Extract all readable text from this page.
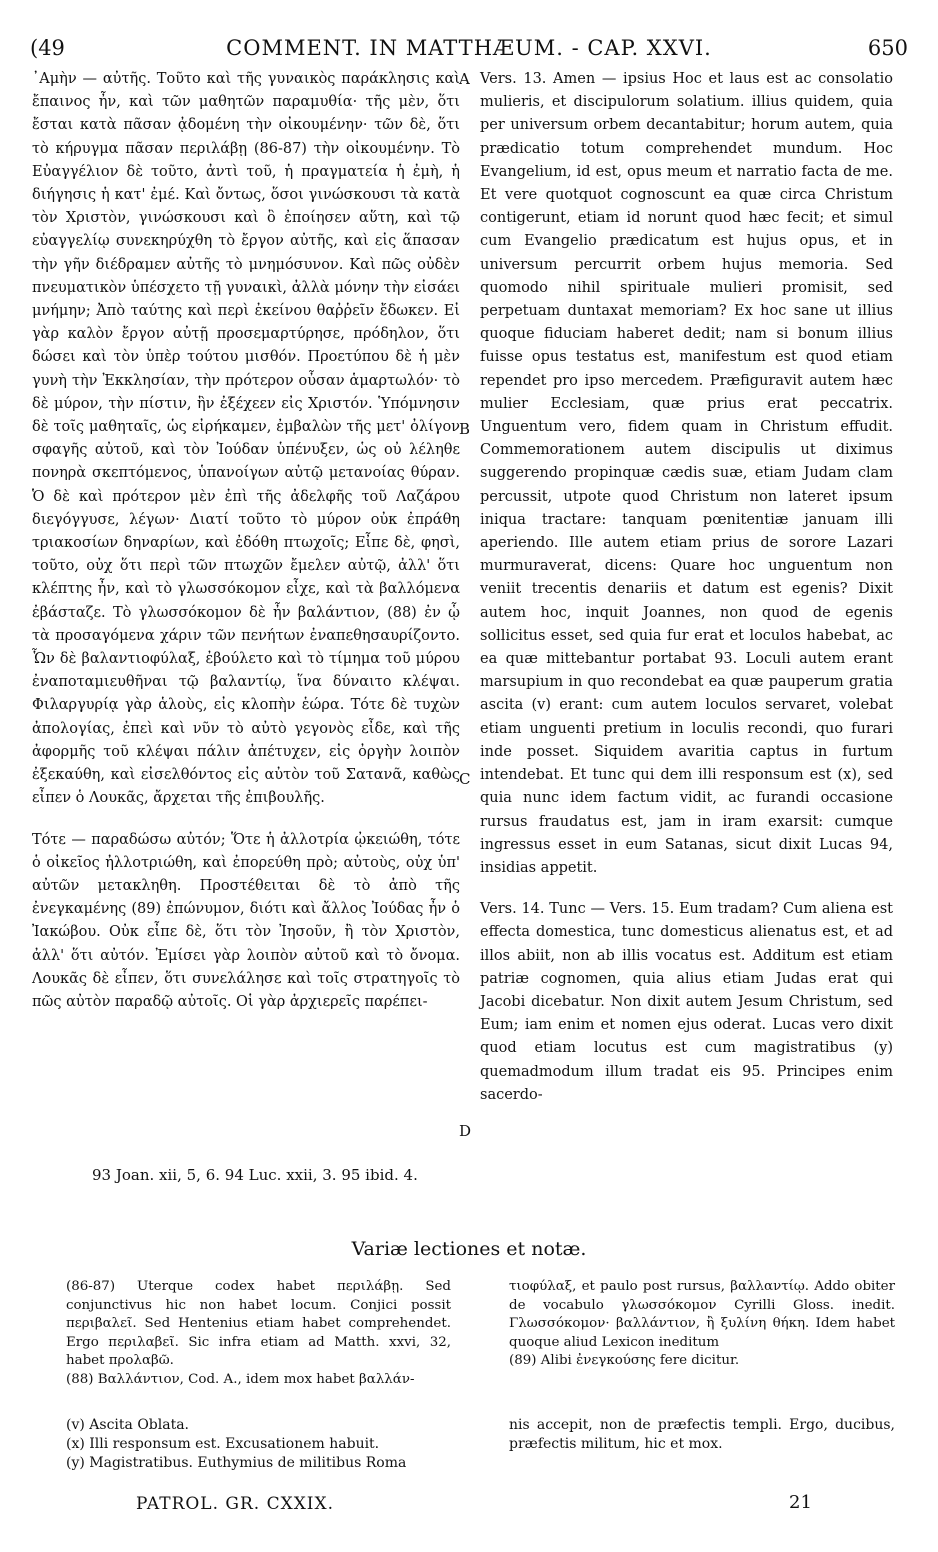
(49	COMMENT. IN MATTHÆUM. - CAP. XXVI.	650

᾿Αμὴν — αὐτῆς. Τοῦτο καὶ τῆς γυναικὸς παράκλησις καὶ ἔπαινος ἦν, καὶ τῶν μαθητῶν παραμυθία· τῆς μὲν, ὅτι ἔσται κατὰ πᾶσαν ᾀδομένη τὴν οἰκουμένην· τῶν δὲ, ὅτι τὸ κήρυγμα πᾶσαν περιλάβῃ (86-87) τὴν οἰκουμένην. Τὸ Εὐαγγέλιον δὲ τοῦτο, ἀντὶ τοῦ, ἡ πραγματεία ἡ ἐμὴ, ἡ διήγησις ἡ κατ' ἐμέ. Καὶ ὄντως, ὅσοι γινώσκουσι τὰ κατὰ τὸν Χριστὸν, γινώσκουσι καὶ ὃ ἐποίησεν αὕτη, καὶ τῷ εὐαγγελίῳ συνεκηρύχθη τὸ ἔργον αὐτῆς, καὶ εἰς ἅπασαν τὴν γῆν διέδραμεν αὐτῆς τὸ μνημόσυνον. Καὶ πῶς οὐδὲν πνευματικὸν ὑπέσχετο τῇ γυναικὶ, ἀλλὰ μόνην τὴν εἰσάει μνήμην; Ἀπὸ ταύτης καὶ περὶ ἐκείνου θαῤῥεῖν ἔδωκεν. Εἰ γὰρ καλὸν ἔργον αὐτῇ προσεμαρτύρησε, πρόδηλον, ὅτι δώσει καὶ τὸν ὑπὲρ τούτου μισθόν. Προετύπου δὲ ἡ μὲν γυνὴ τὴν Ἐκκλησίαν, τὴν πρότερον οὖσαν ἁμαρτωλόν· τὸ δὲ μύρον, τὴν πίστιν, ἣν ἐξέχεεν εἰς Χριστόν. Ὑπόμνησιν δὲ τοῖς μαθηταῖς, ὡς εἰρήκαμεν, ἐμβαλὼν τῆς μετ' ὀλίγον σφαγῆς αὐτοῦ, καὶ τὸν Ἰούδαν ὑπένυξεν, ὡς οὐ λέληθε πονηρὰ σκεπτόμενος, ὑπανοίγων αὐτῷ μετανοίας θύραν. Ὁ δὲ καὶ πρότερον μὲν ἐπὶ τῆς ἀδελφῆς τοῦ Λαζάρου διεγόγγυσε, λέγων· Διατί τοῦτο τὸ μύρον οὐκ ἐπράθη τριακοσίων δηναρίων, καὶ ἐδόθη πτωχοῖς; Εἶπε δὲ, φησὶ, τοῦτο, οὐχ ὅτι περὶ τῶν πτωχῶν ἔμελεν αὐτῷ, ἀλλ' ὅτι κλέπτης ἦν, καὶ τὸ γλωσσόκομον εἶχε, καὶ τὰ βαλλόμενα ἐβάσταζε. Τὸ γλωσσόκομον δὲ ἦν βαλάντιον, (88) ἐν ᾧ τὰ προσαγόμενα χάριν τῶν πενήτων ἐναπεθησαυρίζοντο. Ὧν δὲ βαλαντιοφύλαξ, ἐβούλετο καὶ τὸ τίμημα τοῦ μύρου ἐναποταμιευθῆναι τῷ βαλαντίῳ, ἵνα δύναιτο κλέψαι. Φιλαργυρίᾳ γὰρ ἁλοὺς, εἰς κλοπὴν ἑώρα. Τότε δὲ τυχὼν ἀπολογίας, ἐπεὶ καὶ νῦν τὸ αὐτὸ γεγονὸς εἶδε, καὶ τῆς ἀφορμῆς τοῦ κλέψαι πάλιν ἀπέτυχεν, εἰς ὀργὴν λοιπὸν ἐξεκαύθη, καὶ εἰσελθόντος εἰς αὐτὸν τοῦ Σατανᾶ, καθὼς εἶπεν ὁ Λουκᾶς, ἄρχεται τῆς ἐπιβουλῆς.

Τότε — παραδώσω αὐτόν; Ὅτε ἡ ἀλλοτρία ᾠκειώθη, τότε ὁ οἰκεῖος ἠλλοτριώθη, καὶ ἐπορεύθη πρὸ; αὐτοὺς, οὐχ ὑπ' αὐτῶν μετακληθη. Προστέθειται δὲ τὸ ἀπὸ τῆς ἐνεγκαμένης (89) ἐπώνυμον, διότι καὶ ἄλλος Ἰούδας ἦν ὁ Ἰακώβου. Οὐκ εἶπε δὲ, ὅτι τὸν Ἰησοῦν, ἢ τὸν Χριστὸν, ἀλλ' ὅτι αὐτόν. Ἐμίσει γὰρ λοιπὸν αὐτοῦ καὶ τὸ ὄνομα. Λουκᾶς δὲ εἶπεν, ὅτι συνελάλησε καὶ τοῖς στρατηγοῖς τὸ πῶς αὐτὸν παραδῷ αὐτοῖς. Οἱ γὰρ ἀρχιερεῖς παρέπει-

A
B
C
D

Vers. 13. Amen — ipsius Hoc et laus est ac consolatio mulieris, et discipulorum solatium. illius quidem, quia per universum orbem decantabitur; horum autem, quia prædicatio totum comprehendet mundum. Hoc Evangelium, id est, opus meum et narratio facta de me. Et vere quotquot cognoscunt ea quæ circa Christum contigerunt, etiam id norunt quod hæc fecit; et simul cum Evangelio prædicatum est hujus opus, et in universum percurrit orbem hujus memoria. Sed quomodo nihil spirituale mulieri promisit, sed perpetuam duntaxat memoriam? Ex hoc sane ut illius quoque fiduciam haberet dedit; nam si bonum illius fuisse opus testatus est, manifestum est quod etiam rependet pro ipso mercedem. Præfiguravit autem hæc mulier Ecclesiam, quæ prius erat peccatrix. Unguentum vero, fidem quam in Christum effudit. Commemorationem autem discipulis ut diximus suggerendo propinquæ cædis suæ, etiam Judam clam percussit, utpote quod Christum non lateret ipsum iniqua tractare: tanquam pœnitentiæ januam illi aperiendo. Ille autem etiam prius de sorore Lazari murmuraverat, dicens: Quare hoc unguentum non veniit trecentis denariis et datum est egenis? Dixit autem hoc, inquit Joannes, non quod de egenis sollicitus esset, sed quia fur erat et loculos habebat, ac ea quæ mittebantur portabat 93. Loculi autem erant marsupium in quo recondebat ea quæ pauperum gratia ascita (v) erant: cum autem loculos servaret, volebat etiam unguenti pretium in loculis recondi, quo furari inde posset. Siquidem avaritia captus in furtum intendebat. Et tunc qui dem illi responsum est (x), sed quia nunc idem factum vidit, ac furandi occasione rursus fraudatus est, jam in iram exarsit: cumque ingressus esset in eum Satanas, sicut dixit Lucas 94, insidias appetit.

Vers. 14. Tunc — Vers. 15. Eum tradam? Cum aliena est effecta domestica, tunc domesticus alienatus est, et ad illos abiit, non ab illis vocatus est. Additum est etiam patriæ cognomen, quia alius etiam Judas erat qui Jacobi dicebatur. Non dixit autem Jesum Christum, sed Eum; iam enim et nomen ejus oderat. Lucas vero dixit quod etiam locutus est cum magistratibus (y) quemadmodum illum tradat eis 95. Principes enim sacerdo-

93 Joan. xii, 5, 6. 94 Luc. xxii, 3. 95 ibid. 4.
Variæ lectiones et notæ.

(86-87) Uterque codex habet περιλάβῃ. Sed conjunctivus hic non habet locum. Conjici possit περιβαλεῖ. Sed Hentenius etiam habet comprehendet. Ergo περιλαβεῖ. Sic infra etiam ad Matth. xxvi, 32, habet προλαβῶ.

(88) Βαλλάντιον, Cod. A., idem mox habet βαλλάν-

τιοφύλαξ, et paulo post rursus, βαλλαντίῳ. Addo obiter de vocabulo γλωσσόκομον Cyrilli Gloss. inedit. Γλωσσόκομον· βαλλάντιον, ἢ ξυλίνη θήκη. Idem habet quoque aliud Lexicon ineditum

(89) Alibi ἐνεγκούσης fere dicitur.

(v) Ascita Oblata.

(x) Illi responsum est. Excusationem habuit.

(y) Magistratibus. Euthymius de militibus Roma

nis accepit, non de præfectis templi. Ergo, ducibus, præfectis militum, hic et mox.

PATROL. GR. CXXIX.	21
